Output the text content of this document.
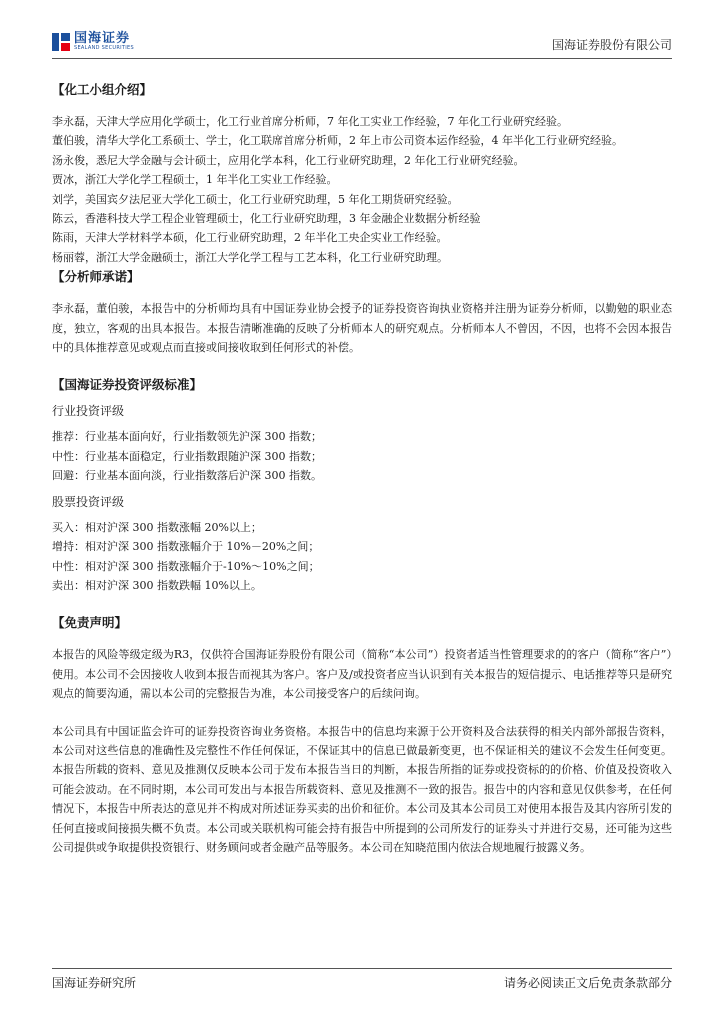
国海证券
SEALAND SECURITIES	国海证券股份有限公司

【化工小组介绍】

李永磊，天津大学应用化学硕士，化工行业首席分析师，7 年化工实业工作经验，7 年化工行业研究经验。

董伯骏，清华大学化工系硕士、学士，化工联席首席分析师，2 年上市公司资本运作经验，4 年半化工行业研究经验。

汤永俊，悉尼大学金融与会计硕士，应用化学本科，化工行业研究助理，2 年化工行业研究经验。

贾冰，浙江大学化学工程硕士，1 年半化工实业工作经验。

刘学，美国宾夕法尼亚大学化工硕士，化工行业研究助理，5 年化工期货研究经验。

陈云，香港科技大学工程企业管理硕士，化工行业研究助理，3 年金融企业数据分析经验

陈雨，天津大学材料学本硕，化工行业研究助理，2 年半化工央企实业工作经验。

杨丽蓉，浙江大学金融硕士，浙江大学化学工程与工艺本科，化工行业研究助理。

【分析师承诺】

李永磊，董伯骏，本报告中的分析师均具有中国证券业协会授予的证券投资咨询执业资格并注册为证券分析师，以勤勉的职业态度，独立，客观的出具本报告。本报告清晰准确的反映了分析师本人的研究观点。分析师本人不曾因，不因，也将不会因本报告中的具体推荐意见或观点而直接或间接收取到任何形式的补偿。

【国海证券投资评级标准】

行业投资评级

推荐：行业基本面向好，行业指数领先沪深 300 指数；

中性：行业基本面稳定，行业指数跟随沪深 300 指数；

回避：行业基本面向淡，行业指数落后沪深 300 指数。

股票投资评级

买入：相对沪深 300 指数涨幅 20%以上；

增持：相对沪深 300 指数涨幅介于 10%－20%之间；

中性：相对沪深 300 指数涨幅介于-10%～10%之间；

卖出：相对沪深 300 指数跌幅 10%以上。

【免责声明】

本报告的风险等级定级为R3，仅供符合国海证券股份有限公司（简称“本公司”）投资者适当性管理要求的的客户（简称“客户”）使用。本公司不会因接收人收到本报告而视其为客户。客户及/或投资者应当认识到有关本报告的短信提示、电话推荐等只是研究观点的简要沟通，需以本公司的完整报告为准，本公司接受客户的后续问询。

本公司具有中国证监会许可的证券投资咨询业务资格。本报告中的信息均来源于公开资料及合法获得的相关内部外部报告资料，本公司对这些信息的准确性及完整性不作任何保证，不保证其中的信息已做最新变更，也不保证相关的建议不会发生任何变更。本报告所载的资料、意见及推测仅反映本公司于发布本报告当日的判断，本报告所指的证券或投资标的的价格、价值及投资收入可能会波动。在不同时期，本公司可发出与本报告所载资料、意见及推测不一致的报告。报告中的内容和意见仅供参考，在任何情况下，本报告中所表达的意见并不构成对所述证券买卖的出价和征价。本公司及其本公司员工对使用本报告及其内容所引发的任何直接或间接损失概不负责。本公司或关联机构可能会持有报告中所提到的公司所发行的证券头寸并进行交易，还可能为这些公司提供或争取提供投资银行、财务顾问或者金融产品等服务。本公司在知晓范围内依法合规地履行披露义务。

国海证券研究所	请务必阅读正文后免责条款部分
